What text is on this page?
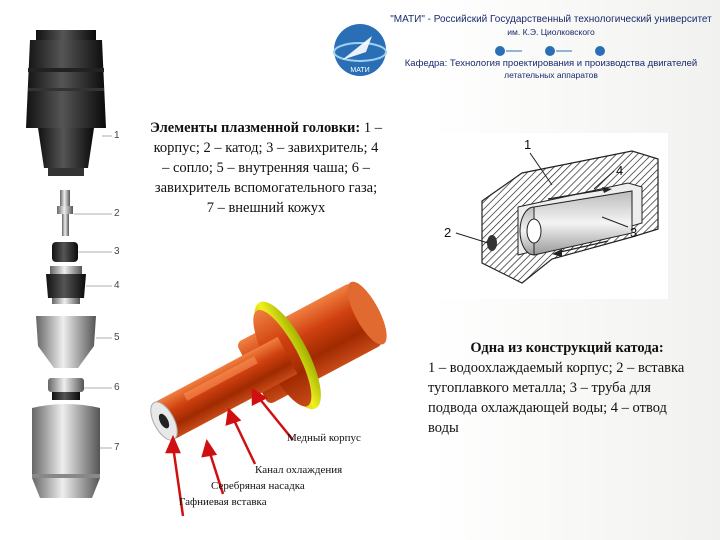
МАТИ
"МАТИ" - Российский Государственный технологический университет
им. К.Э. Циолковского
Кафедра: Технология проектирования и производства двигателей
летательных аппаратов
1
2
3
4
5
6
7
Элементы плазменной головки: 1 – корпус; 2 – катод; 3 – завихритель; 4 – сопло; 5 – внутренняя чаша; 6 – завихритель вспомогательного газа; 7 – внешний кожух
1
4
2	3
Одна из конструкций катода:
1 – водоохлаждаемый корпус; 2 – вставка тугоплавкого металла; 3 – труба для подвода охлаждающей воды; 4 – отвод воды
Медный корпус
Канал охлаждения
Серебряная насадка
Гафниевая вставка
